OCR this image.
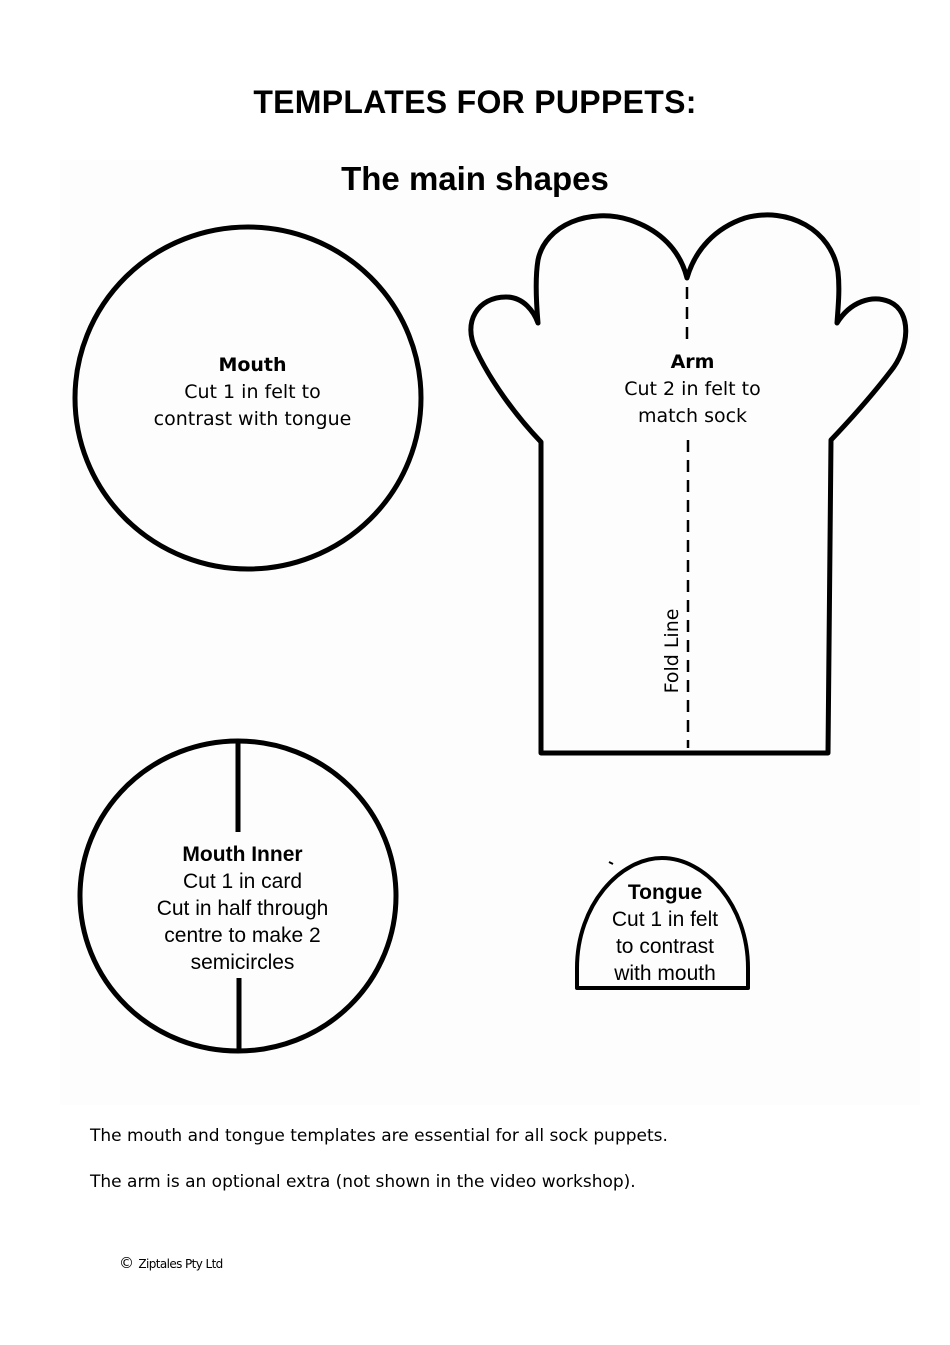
TEMPLATES FOR PUPPETS:
The main shapes
Mouth
Cut 1 in felt to
contrast with tongue
Arm
Cut 2 in felt to
match sock
Fold Line
Mouth Inner
Cut 1 in card
Cut in half through
centre to make 2
semicircles
Tongue
Cut 1 in felt
to contrast
with mouth

The mouth and tongue templates are essential for all sock puppets.

The arm is an optional extra (not shown in the video workshop).

© Ziptales Pty Ltd
